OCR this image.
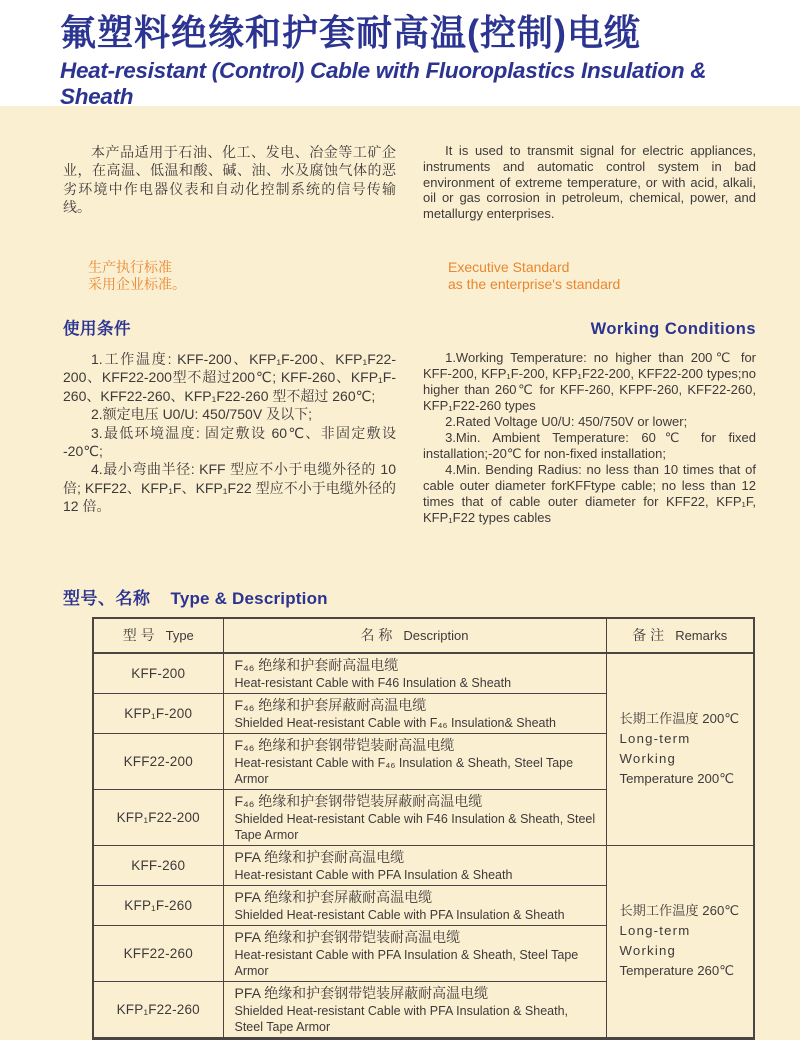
氟塑料绝缘和护套耐高温(控制)电缆
Heat-resistant (Control) Cable with Fluoroplastics Insulation & Sheath

本产品适用于石油、化工、发电、冶金等工矿企业，在高温、低温和酸、碱、油、水及腐蚀气体的恶劣环境中作电器仪表和自动化控制系统的信号传输线。

It is used to transmit signal for electric appliances, instruments and automatic control system in bad environment of extreme temperature, or with acid, alkali, oil or gas corrosion in petroleum, chemical, power, and metallurgy enterprises.

生产执行标准

采用企业标准。

Executive Standard

as the enterprise's standard

使用条件

1.工作温度: KFF-200、KFP₁F-200、KFP₁F22-200、KFF22-200型不超过200℃; KFF-260、KFP₁F-260、KFF22-260、KFP₁F22-260 型不超过 260℃;

2.额定电压 U0/U: 450/750V 及以下;

3.最低环境温度: 固定敷设 60℃、非固定敷设 -20℃;

4.最小弯曲半径: KFF 型应不小于电缆外径的 10 倍; KFF22、KFP₁F、KFP₁F22 型应不小于电缆外径的 12 倍。

Working Conditions

1.Working Temperature: no higher than 200℃ for KFF-200, KFP₁F-200, KFP₁F22-200, KFF22-200 types;no higher than 260℃ for KFF-260, KFPF-260, KFF22-260, KFP₁F22-260 types

2.Rated Voltage U0/U: 450/750V or lower;

3.Min. Ambient Temperature: 60℃ for fixed installation;-20℃ for non-fixed installation;

4.Min. Bending Radius: no less than 10 times that of cable outer diameter forKFFtype cable; no less than 12 times that of cable outer diameter for KFF22, KFP₁F, KFP₁F22 types cables

型号、名称 Type & Description
型 号 Type	名 称 Description	备 注 Remarks
KFF-200	F₄₆ 绝缘和护套耐高温电缆
Heat-resistant Cable with F46 Insulation & Sheath	长期工作温度 200℃
Long-term Working
Temperature 200℃

KFP₁F-200	F₄₆ 绝缘和护套屏蔽耐高温电缆
Shielded Heat-resistant Cable with F₄₆ Insulation& Sheath	

KFF22-200	F₄₆ 绝缘和护套钢带铠装耐高温电缆
Heat-resistant Cable with F₄₆ Insulation & Sheath, Steel Tape Armor	

KFP₁F22-200	F₄₆ 绝缘和护套钢带铠装屏蔽耐高温电缆
Shielded Heat-resistant Cable wih F46 Insulation & Sheath, Steel Tape Armor	

KFF-260	PFA 绝缘和护套耐高温电缆
Heat-resistant Cable with PFA Insulation & Sheath	长期工作温度 260℃
Long-term Working
Temperature 260℃

KFP₁F-260	PFA 绝缘和护套屏蔽耐高温电缆
Shielded Heat-resistant Cable with PFA Insulation & Sheath	

KFF22-260	PFA 绝缘和护套钢带铠装耐高温电缆
Heat-resistant Cable with PFA Insulation & Sheath, Steel Tape Armor	

KFP₁F22-260	PFA 绝缘和护套钢带铠装屏蔽耐高温电缆
Shielded Heat-resistant Cable with PFA Insulation & Sheath, Steel Tape Armor	
